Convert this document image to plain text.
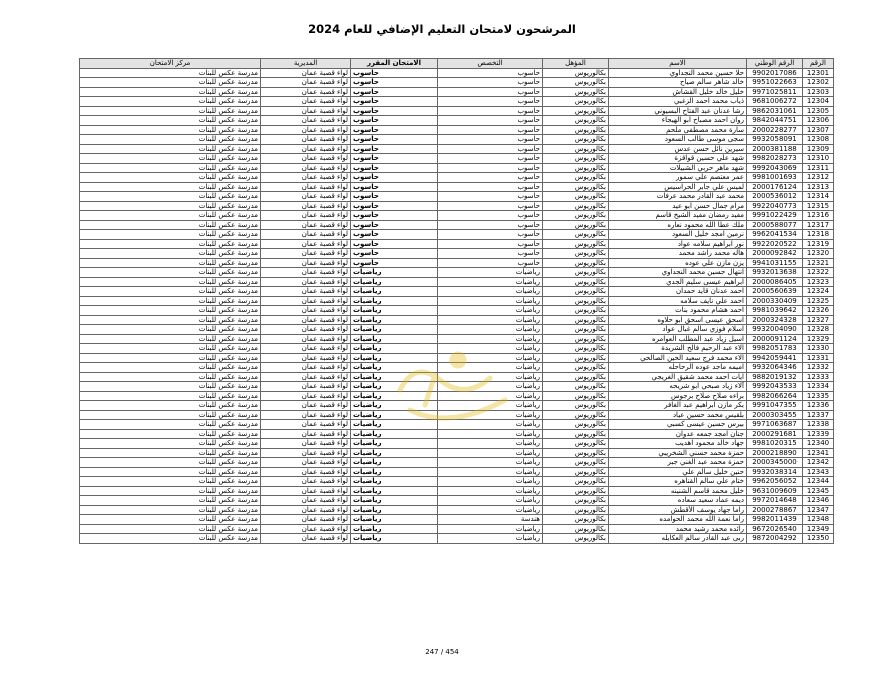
المرشحون لامتحان التعليم الإضافي للعام 2024
الرقم	الرقم الوطني	الاسم	المؤهل	التخصص	الامتحان المقرر	المديرية	مركز الامتحان
12301	9902017086	حلا حسين محمد النجداوي	بكالوريوس	حاسوب	حاسوب	لواء قصبة عمان	مدرسة عكس للبنات
12302	9951022663	خالد شاهر سالم صياح	بكالوريوس	حاسوب	حاسوب	لواء قصبة عمان	مدرسة عكس للبنات
12303	9971025811	خليل خالد خليل القشاش	بكالوريوس	حاسوب	حاسوب	لواء قصبة عمان	مدرسة عكس للبنات
12304	9681006272	ذياب محمد احمد الزغبي	بكالوريوس	حاسوب	حاسوب	لواء قصبة عمان	مدرسة عكس للبنات
12305	9862031061	رشا عدنان عبد الفتاح البسيوني	بكالوريوس	حاسوب	حاسوب	لواء قصبة عمان	مدرسة عكس للبنات
12306	9842044751	روان احمد مصباح ابو الهيجاء	بكالوريوس	حاسوب	حاسوب	لواء قصبة عمان	مدرسة عكس للبنات
12307	2000228277	سارة محمد مصطفى ملحم	بكالوريوس	حاسوب	حاسوب	لواء قصبة عمان	مدرسة عكس للبنات
12308	9932058091	سجى موسى طالب السعود	بكالوريوس	حاسوب	حاسوب	لواء قصبة عمان	مدرسة عكس للبنات
12309	2000381188	سيرين نائل حسن عدس	بكالوريوس	حاسوب	حاسوب	لواء قصبة عمان	مدرسة عكس للبنات
12310	9982028273	شهد علي حسين قواقزة	بكالوريوس	حاسوب	حاسوب	لواء قصبة عمان	مدرسة عكس للبنات
12311	9992043069	شهد ماهر حربي الشبيلات	بكالوريوس	حاسوب	حاسوب	لواء قصبة عمان	مدرسة عكس للبنات
12312	9981001693	عمر معتصم علي سمور	بكالوريوس	حاسوب	حاسوب	لواء قصبة عمان	مدرسة عكس للبنات
12313	2000176124	لميس علي جابر الحراسيس	بكالوريوس	حاسوب	حاسوب	لواء قصبة عمان	مدرسة عكس للبنات
12314	2000536012	محمد عبد القادر محمد عرفات	بكالوريوس	حاسوب	حاسوب	لواء قصبة عمان	مدرسة عكس للبنات
12315	9922040773	مرام جمال حسن ابو عيد	بكالوريوس	حاسوب	حاسوب	لواء قصبة عمان	مدرسة عكس للبنات
12316	9991022429	مفيد رمضان مفيد الشيخ قاسم	بكالوريوس	حاسوب	حاسوب	لواء قصبة عمان	مدرسة عكس للبنات
12317	2000588077	ملك عطا الله محمود نعاره	بكالوريوس	حاسوب	حاسوب	لواء قصبة عمان	مدرسة عكس للبنات
12318	9962041534	نرمين امجد خليل السعود	بكالوريوس	حاسوب	حاسوب	لواء قصبة عمان	مدرسة عكس للبنات
12319	9922020522	نور ابراهيم سلامه عواد	بكالوريوس	حاسوب	حاسوب	لواء قصبة عمان	مدرسة عكس للبنات
12320	2000092842	هاله محمد راشد محمد	بكالوريوس	حاسوب	حاسوب	لواء قصبة عمان	مدرسة عكس للبنات
12321	9941031155	يزن مازن علي عوده	بكالوريوس	حاسوب	حاسوب	لواء قصبة عمان	مدرسة عكس للبنات
12322	9932013638	انتهال حسين محمد النجداوي	بكالوريوس	رياضيات	رياضيات	لواء قصبة عمان	مدرسة عكس للبنات
12323	2000086405	ابراهيم عيسى سليم الجدي	بكالوريوس	رياضيات	رياضيات	لواء قصبة عمان	مدرسة عكس للبنات
12324	2000560639	احمد عدنان قايد حمدان	بكالوريوس	رياضيات	رياضيات	لواء قصبة عمان	مدرسة عكس للبنات
12325	2000330409	احمد علي نايف سلامه	بكالوريوس	رياضيات	رياضيات	لواء قصبة عمان	مدرسة عكس للبنات
12326	9981039642	احمد هشام محمود بنات	بكالوريوس	رياضيات	رياضيات	لواء قصبة عمان	مدرسة عكس للبنات
12327	2000324328	اسحق عيسى اسحق ابو حلاوه	بكالوريوس	رياضيات	رياضيات	لواء قصبة عمان	مدرسة عكس للبنات
12328	9932004090	اسلام فوزي سالم غبال عواد	بكالوريوس	رياضيات	رياضيات	لواء قصبة عمان	مدرسة عكس للبنات
12329	2000091124	اسيل زياد عبد المطلب العوامره	بكالوريوس	رياضيات	رياضيات	لواء قصبة عمان	مدرسة عكس للبنات
12330	9982051783	الاء عبد الرحيم فالح الشريدة	بكالوريوس	رياضيات	رياضيات	لواء قصبة عمان	مدرسة عكس للبنات
12331	9942059441	الاء محمد فرج سعيد الحين الصالحي	بكالوريوس	رياضيات	رياضيات	لواء قصبة عمان	مدرسة عكس للبنات
12332	9932064346	اميمه ماجد عوده الرحاحله	بكالوريوس	رياضيات	رياضيات	لواء قصبة عمان	مدرسة عكس للبنات
12333	9882019132	ايات احمد محمد شقيق الغريجي	بكالوريوس	رياضيات	رياضيات	لواء قصبة عمان	مدرسة عكس للبنات
12334	9992043533	آلاء زياد صبحي ابو شريحه	بكالوريوس	رياضيات	رياضيات	لواء قصبة عمان	مدرسة عكس للبنات
12335	9982066264	براءه صلاح صلاح برجوس	بكالوريوس	رياضيات	رياضيات	لواء قصبة عمان	مدرسة عكس للبنات
12336	9991047355	بكر مازن ابراهيم عبد الغافر	بكالوريوس	رياضيات	رياضيات	لواء قصبة عمان	مدرسة عكس للبنات
12337	2000303455	بلقيس محمد حسين عياد	بكالوريوس	رياضيات	رياضيات	لواء قصبة عمان	مدرسة عكس للبنات
12338	9971063687	بيرس حسين عيسى كسبي	بكالوريوس	رياضيات	رياضيات	لواء قصبة عمان	مدرسة عكس للبنات
12339	2000291681	جنان امجد جمعه عدوان	بكالوريوس	رياضيات	رياضيات	لواء قصبة عمان	مدرسة عكس للبنات
12340	9981020315	جهاد خالد محمود اهديب	بكالوريوس	رياضيات	رياضيات	لواء قصبة عمان	مدرسة عكس للبنات
12341	2000218890	حمزة محمد حسني الشخريبي	بكالوريوس	رياضيات	رياضيات	لواء قصبة عمان	مدرسة عكس للبنات
12342	2000345000	حمزة محمد عبد الغني جبر	بكالوريوس	رياضيات	رياضيات	لواء قصبة عمان	مدرسة عكس للبنات
12343	9932038314	حنين خليل سالم علي	بكالوريوس	رياضيات	رياضيات	لواء قصبة عمان	مدرسة عكس للبنات
12344	9962056052	ختام علي سالم القناهره	بكالوريوس	رياضيات	رياضيات	لواء قصبة عمان	مدرسة عكس للبنات
12345	9631009609	خليل محمد قاسم الشنينه	بكالوريوس	رياضيات	رياضيات	لواء قصبة عمان	مدرسة عكس للبنات
12346	9972014648	ديمه عماد سعيد سعاده	بكالوريوس	رياضيات	رياضيات	لواء قصبة عمان	مدرسة عكس للبنات
12347	2000278867	راما جهاد يوسف الأقطش	بكالوريوس	رياضيات	رياضيات	لواء قصبة عمان	مدرسة عكس للبنات
12348	9982011439	راما نعمة الله محمد الحوامده	بكالوريوس	هندسة	رياضيات	لواء قصبة عمان	مدرسة عكس للبنات
12349	9672026540	رائده محمد رشيد محمد	بكالوريوس	رياضيات	رياضيات	لواء قصبة عمان	مدرسة عكس للبنات
12350	9872004292	ربى عبد القادر سالم العكايله	بكالوريوس	رياضيات	رياضيات	لواء قصبة عمان	مدرسة عكس للبنات
247 / 454
